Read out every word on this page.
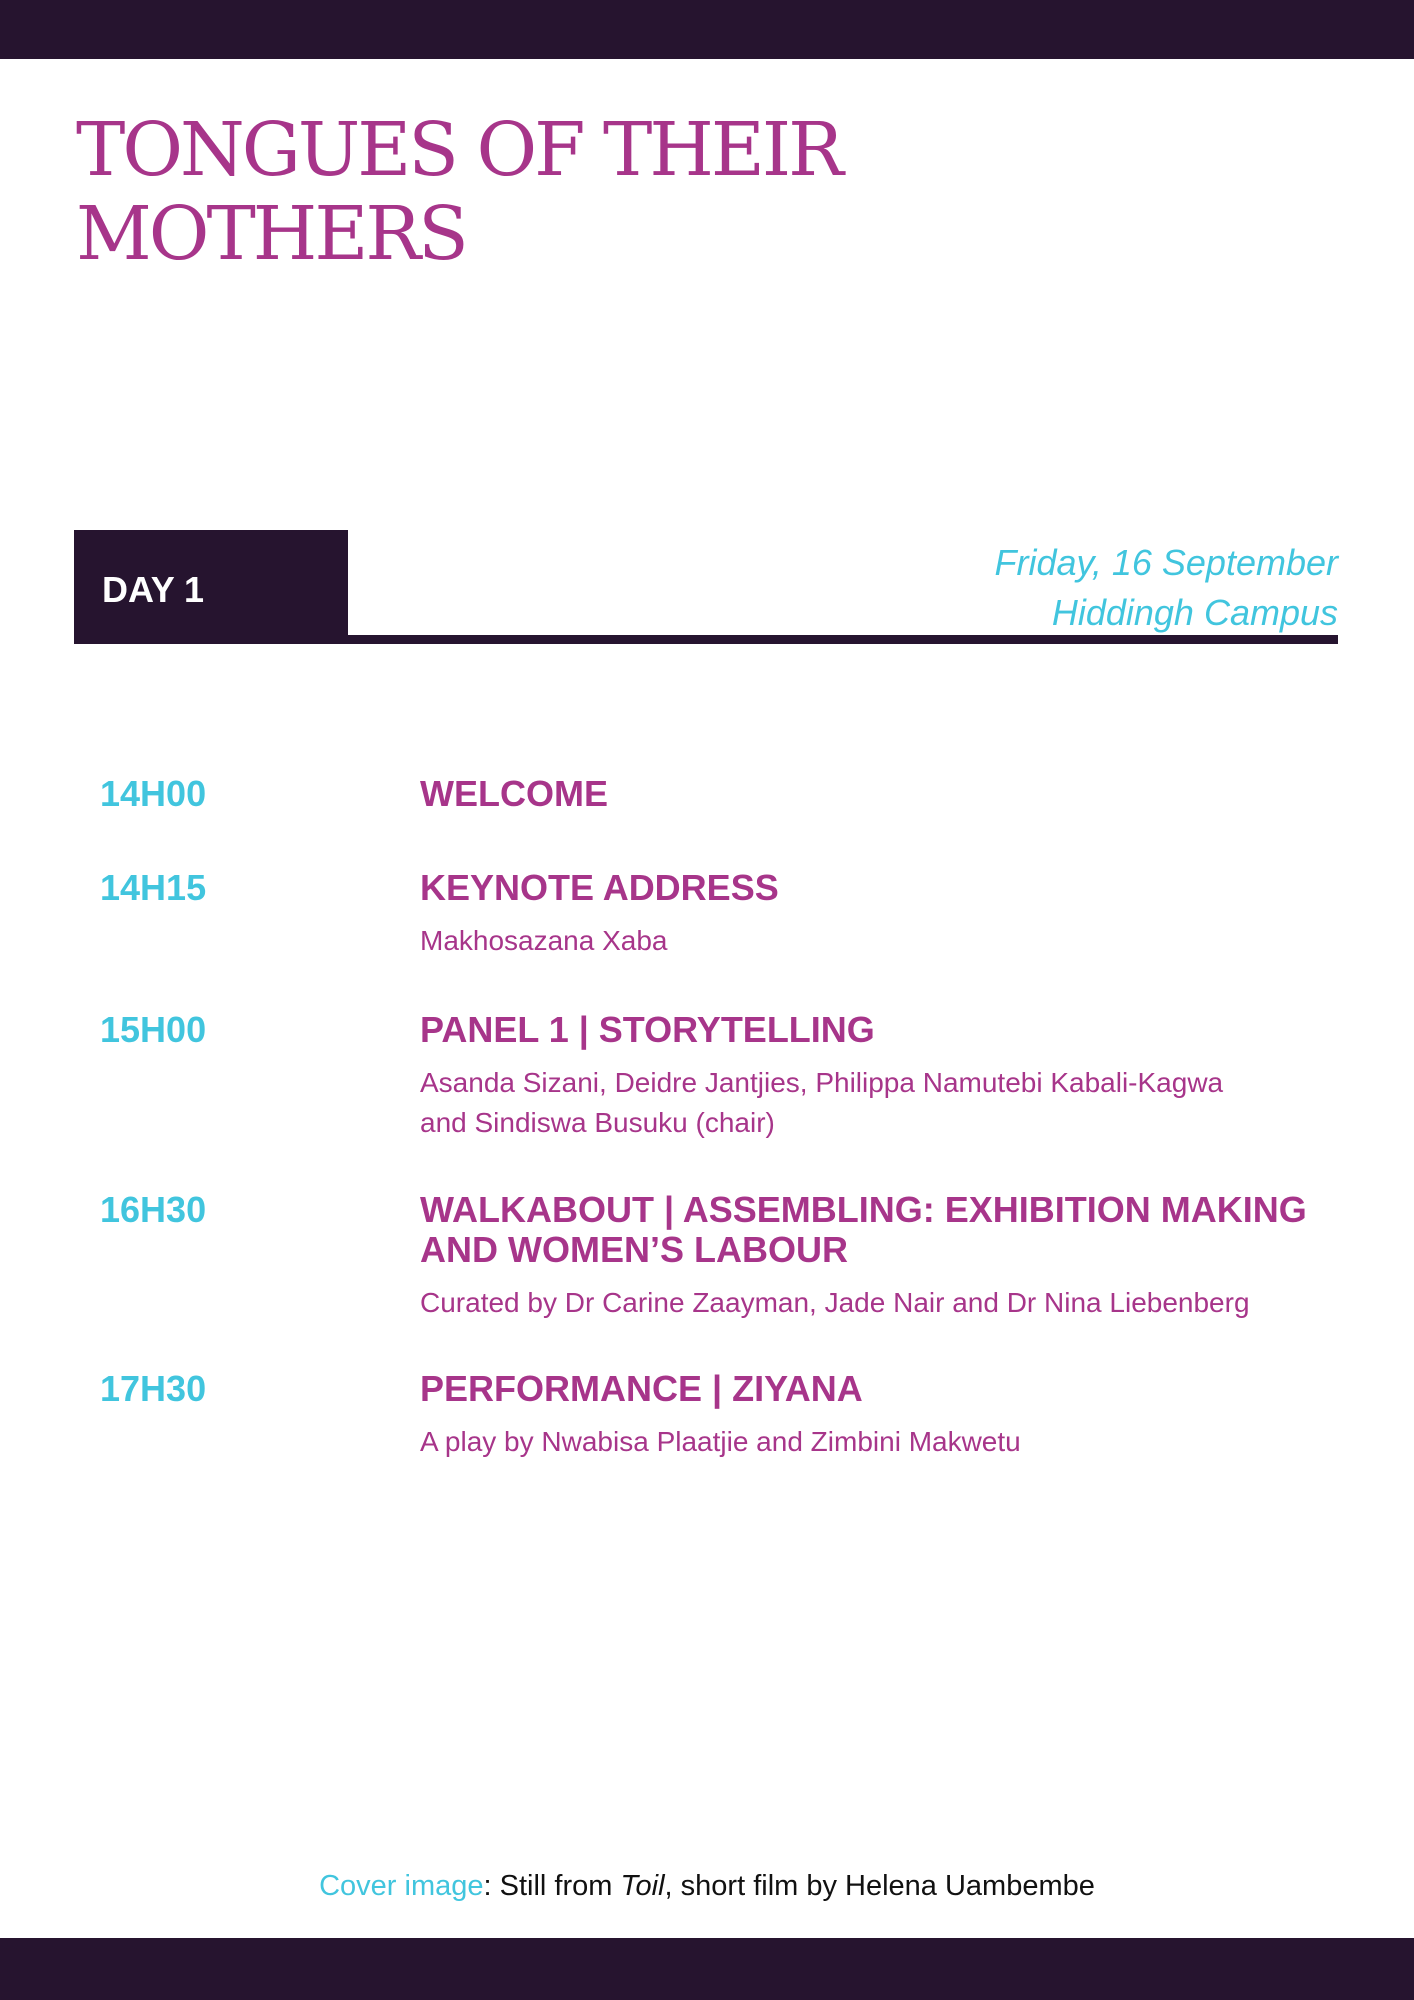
TONGUES OF THEIR
MOTHERS
DAY 1

Friday, 16 September

Hiddingh Campus

14H00	WELCOME

14H15	KEYNOTE ADDRESS

Makhosazana Xaba

15H00	PANEL 1 | STORYTELLING

Asanda Sizani, Deidre Jantjies, Philippa Namutebi Kabali-Kagwa
and Sindiswa Busuku (chair)

16H30	WALKABOUT | ASSEMBLING: EXHIBITION MAKING
AND WOMEN’S LABOUR

Curated by Dr Carine Zaayman, Jade Nair and Dr Nina Liebenberg

17H30	PERFORMANCE | ZIYANA

A play by Nwabisa Plaatjie and Zimbini Makwetu

Cover image: Still from Toil, short film by Helena Uambembe
